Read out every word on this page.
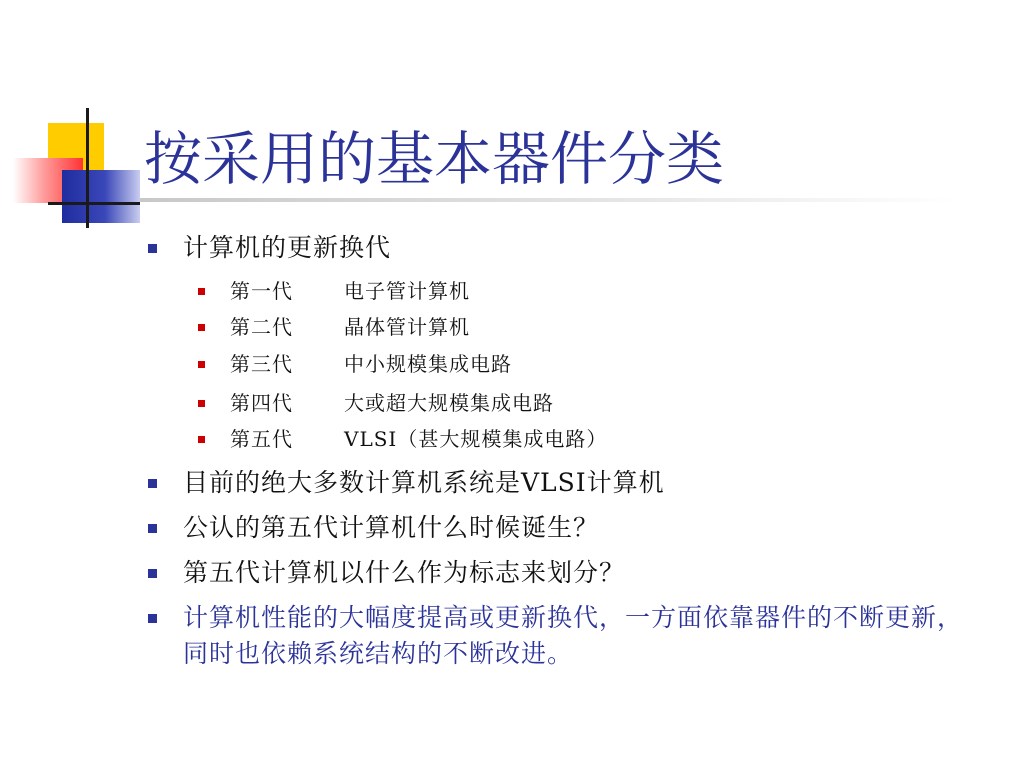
按采用的基本器件分类
计算机的更新换代
第一代	电子管计算机
第二代	晶体管计算机
第三代	中小规模集成电路
第四代	大或超大规模集成电路
第五代	VLSI（甚大规模集成电路）
目前的绝大多数计算机系统是VLSI计算机
公认的第五代计算机什么时候诞生？
第五代计算机以什么作为标志来划分？
计算机性能的大幅度提高或更新换代，一方面依靠器件的不断更新，同时也依赖系统结构的不断改进。
